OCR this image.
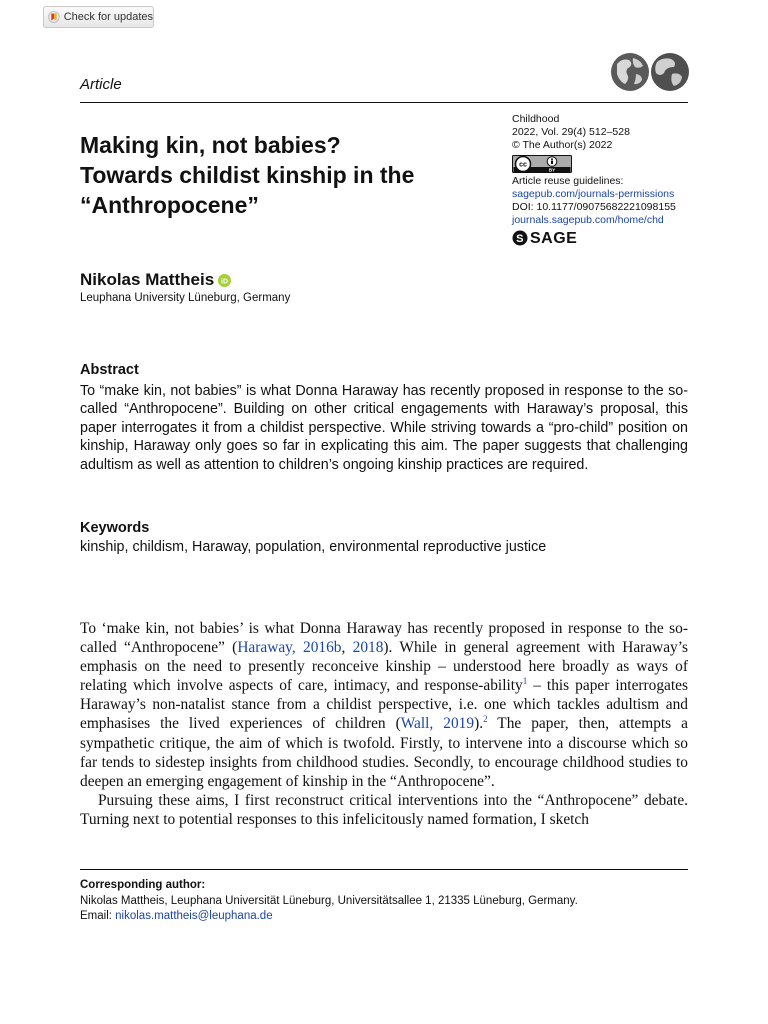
Check for updates
Article
Making kin, not babies?
Towards childist kinship in the
“Anthropocene”
Childhood
2022, Vol. 29(4) 512–528
© The Author(s) 2022
cc
BY
Article reuse guidelines:
sagepub.com/journals-permissions
DOI: 10.1177/09075682221098155
journals.sagepub.com/home/chd
S SAGE
Nikolas Mattheis iD
Leuphana University Lüneburg, Germany
Abstract

To “make kin, not babies” is what Donna Haraway has recently proposed in response to the so-called “Anthropocene”. Building on other critical engagements with Haraway’s proposal, this paper interrogates it from a childist perspective. While striving towards a “pro-child” position on kinship, Haraway only goes so far in explicating this aim. The paper suggests that challenging adultism as well as attention to children’s ongoing kinship practices are required.

Keywords
kinship, childism, Haraway, population, environmental reproductive justice

To ‘make kin, not babies’ is what Donna Haraway has recently proposed in response to the so-called “Anthropocene” (Haraway, 2016b, 2018). While in general agreement with Haraway’s emphasis on the need to presently reconceive kinship – understood here broadly as ways of relating which involve aspects of care, intimacy, and response-ability$^1$ – this paper interrogates Haraway’s non-natalist stance from a childist perspective, i.e. one which tackles adultism and emphasises the lived experiences of children (Wall, 2019).$^2$ The paper, then, attempts a sympathetic critique, the aim of which is twofold. Firstly, to intervene into a discourse which so far tends to sidestep insights from childhood studies. Secondly, to encourage childhood studies to deepen an emerging engagement of kinship in the “Anthropocene”.

Pursuing these aims, I first reconstruct critical interventions into the “Anthropocene” debate. Turning next to potential responses to this infelicitously named formation, I sketch

Corresponding author:
Nikolas Mattheis, Leuphana Universität Lüneburg, Universitätsallee 1, 21335 Lüneburg, Germany.
Email: nikolas.mattheis@leuphana.de
